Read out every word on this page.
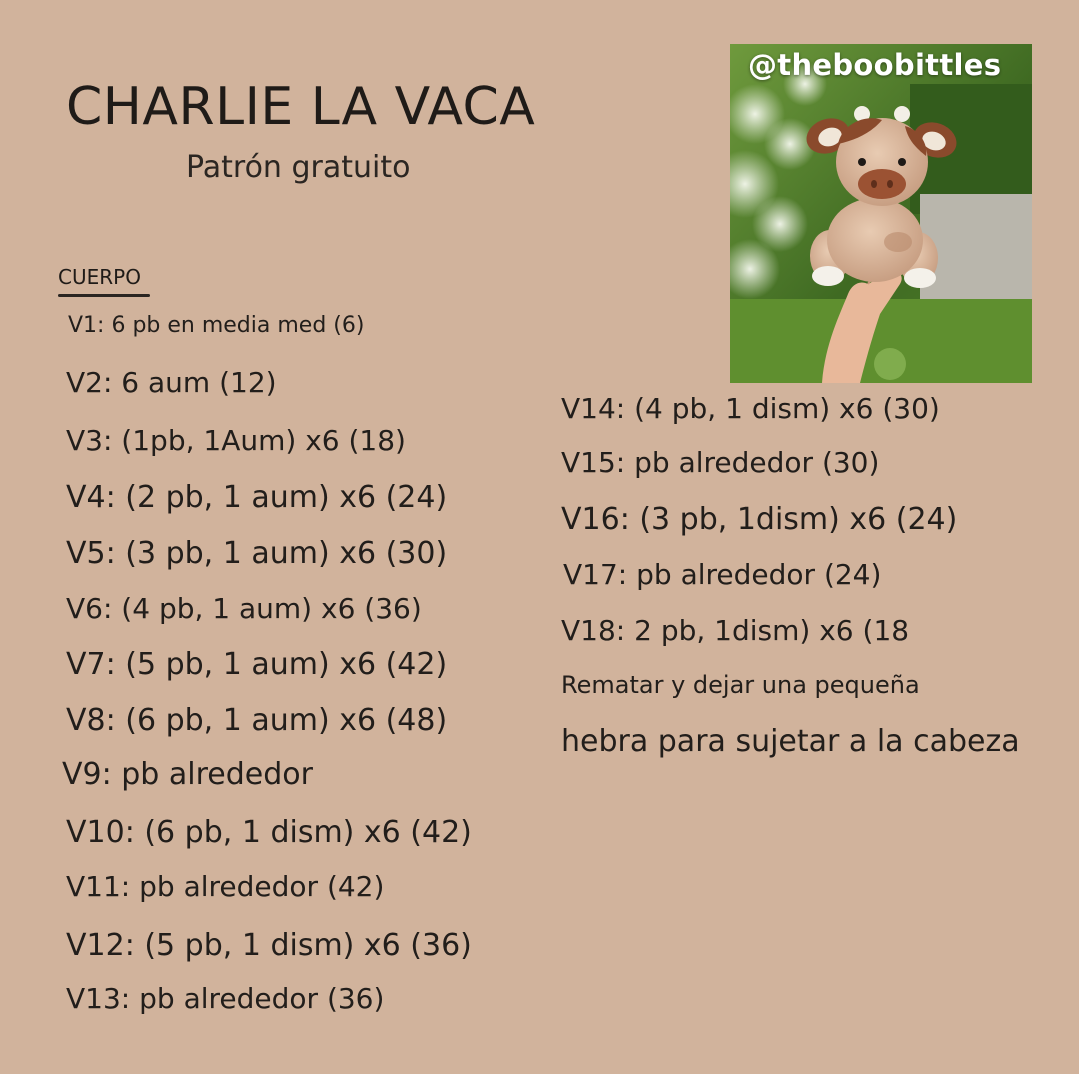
CHARLIE LA VACA
Patrón gratuito
CUERPO
V1: 6 pb en media med (6)
V2: 6 aum (12)
V3: (1pb, 1Aum) x6 (18)
V4: (2 pb, 1 aum) x6 (24)
V5: (3 pb, 1 aum) x6 (30)
V6: (4 pb, 1 aum) x6 (36)
V7: (5 pb, 1 aum) x6 (42)
V8: (6 pb, 1 aum) x6 (48)
V9: pb alrededor
V10: (6 pb, 1 dism) x6 (42)
V11: pb alrededor (42)
V12: (5 pb, 1 dism) x6 (36)
V13: pb alrededor (36)
@theboobittles
V14: (4 pb, 1 dism) x6 (30)
V15: pb alrededor (30)
V16: (3 pb, 1dism) x6 (24)
V17: pb alrededor (24)
V18: 2 pb, 1dism) x6 (18
Rematar y dejar una pequeña
hebra para sujetar a la cabeza
